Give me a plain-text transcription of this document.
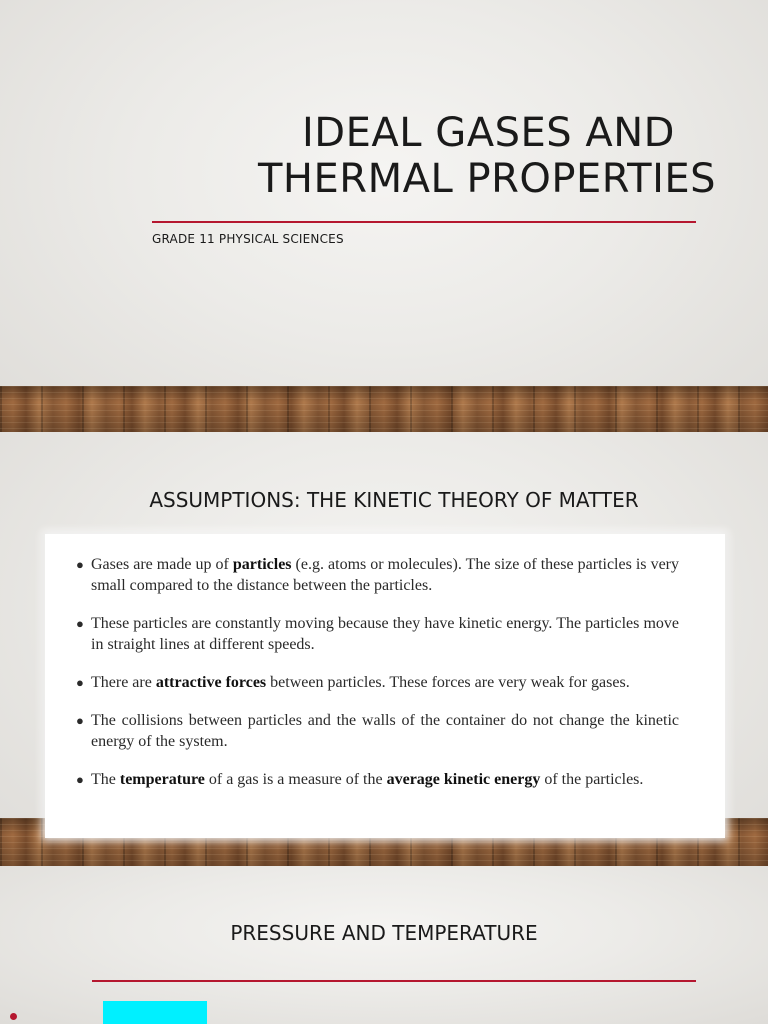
IDEAL GASES AND
THERMAL PROPERTIES

GRADE 11 PHYSICAL SCIENCES

ASSUMPTIONS: THE KINETIC THEORY OF MATTER
● Gases are made up of particles (e.g. atoms or molecules). The size of these particles is very small compared to the distance between the particles.
● These particles are constantly moving because they have kinetic energy. The particles move in straight lines at different speeds.
● There are attractive forces between particles. These forces are very weak for gases.
● The collisions between particles and the walls of the container do not change the kinetic energy of the system.
● The temperature of a gas is a measure of the average kinetic energy of the particles.
PRESSURE AND TEMPERATURE
